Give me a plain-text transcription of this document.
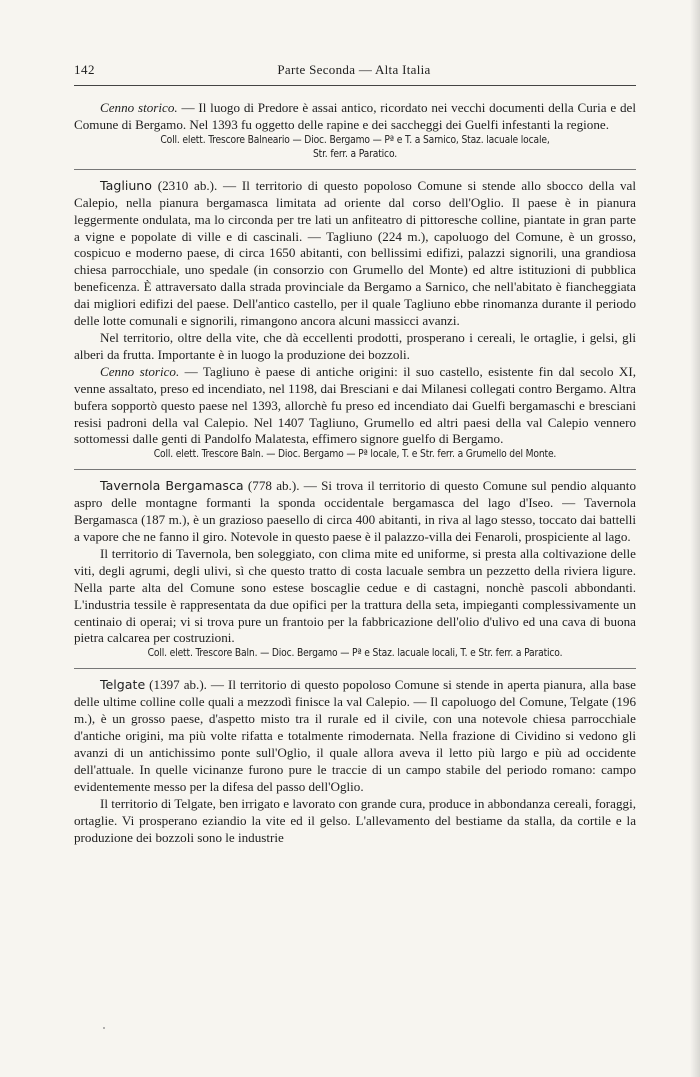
142	Parte Seconda — Alta Italia

Cenno storico. — Il luogo di Predore è assai antico, ricordato nei vecchi documenti della Curia e del Comune di Bergamo. Nel 1393 fu oggetto delle rapine e dei saccheggi dei Guelfi infestanti la regione.

Coll. elett. Trescore Balneario — Dioc. Bergamo — Pª e T. a Sarnico, Staz. lacuale locale,
Str. ferr. a Paratico.

Tagliuno (2310 ab.). — Il territorio di questo popoloso Comune si stende allo sbocco della val Calepio, nella pianura bergamasca limitata ad oriente dal corso dell'Oglio. Il paese è in pianura leggermente ondulata, ma lo circonda per tre lati un anfiteatro di pittoresche colline, piantate in gran parte a vigne e popolate di ville e di cascinali. — Tagliuno (224 m.), capoluogo del Comune, è un grosso, cospicuo e moderno paese, di circa 1650 abitanti, con bellissimi edifizi, palazzi signorili, una grandiosa chiesa parrocchiale, uno spedale (in consorzio con Grumello del Monte) ed altre istituzioni di pubblica beneficenza. È attraversato dalla strada provinciale da Bergamo a Sarnico, che nell'abitato è fiancheggiata dai migliori edifizi del paese. Dell'antico castello, per il quale Tagliuno ebbe rinomanza durante il periodo delle lotte comunali e signorili, rimangono ancora alcuni massicci avanzi.

Nel territorio, oltre della vite, che dà eccellenti prodotti, prosperano i cereali, le ortaglie, i gelsi, gli alberi da frutta. Importante è in luogo la produzione dei bozzoli.

Cenno storico. — Tagliuno è paese di antiche origini: il suo castello, esistente fin dal secolo XI, venne assaltato, preso ed incendiato, nel 1198, dai Bresciani e dai Milanesi collegati contro Bergamo. Altra bufera sopportò questo paese nel 1393, allorchè fu preso ed incendiato dai Guelfi bergamaschi e bresciani resisi padroni della val Calepio. Nel 1407 Tagliuno, Grumello ed altri paesi della val Calepio vennero sottomessi dalle genti di Pandolfo Malatesta, effimero signore guelfo di Bergamo.

Coll. elett. Trescore Baln. — Dioc. Bergamo — Pª locale, T. e Str. ferr. a Grumello del Monte.

Tavernola Bergamasca (778 ab.). — Si trova il territorio di questo Comune sul pendio alquanto aspro delle montagne formanti la sponda occidentale bergamasca del lago d'Iseo. — Tavernola Bergamasca (187 m.), è un grazioso paesello di circa 400 abitanti, in riva al lago stesso, toccato dai battelli a vapore che ne fanno il giro. Notevole in questo paese è il palazzo-villa dei Fenaroli, prospiciente al lago.

Il territorio di Tavernola, ben soleggiato, con clima mite ed uniforme, si presta alla coltivazione delle viti, degli agrumi, degli ulivi, sì che questo tratto di costa lacuale sembra un pezzetto della riviera ligure. Nella parte alta del Comune sono estese boscaglie cedue e di castagni, nonchè pascoli abbondanti. L'industria tessile è rappresentata da due opifici per la trattura della seta, impieganti complessivamente un centinaio di operai; vi si trova pure un frantoio per la fabbricazione dell'olio d'ulivo ed una cava di buona pietra calcarea per costruzioni.

Coll. elett. Trescore Baln. — Dioc. Bergamo — Pª e Staz. lacuale locali, T. e Str. ferr. a Paratico.

Telgate (1397 ab.). — Il territorio di questo popoloso Comune si stende in aperta pianura, alla base delle ultime colline colle quali a mezzodì finisce la val Calepio. — Il capoluogo del Comune, Telgate (196 m.), è un grosso paese, d'aspetto misto tra il rurale ed il civile, con una notevole chiesa parrocchiale d'antiche origini, ma più volte rifatta e totalmente rimodernata. Nella frazione di Cividino si vedono gli avanzi di un antichissimo ponte sull'Oglio, il quale allora aveva il letto più largo e più ad occidente dell'attuale. In quelle vicinanze furono pure le traccie di un campo stabile del periodo romano: campo evidentemente messo per la difesa del passo dell'Oglio.

Il territorio di Telgate, ben irrigato e lavorato con grande cura, produce in abbondanza cereali, foraggi, ortaglie. Vi prosperano eziandio la vite ed il gelso. L'allevamento del bestiame da stalla, da cortile e la produzione dei bozzoli sono le industrie
